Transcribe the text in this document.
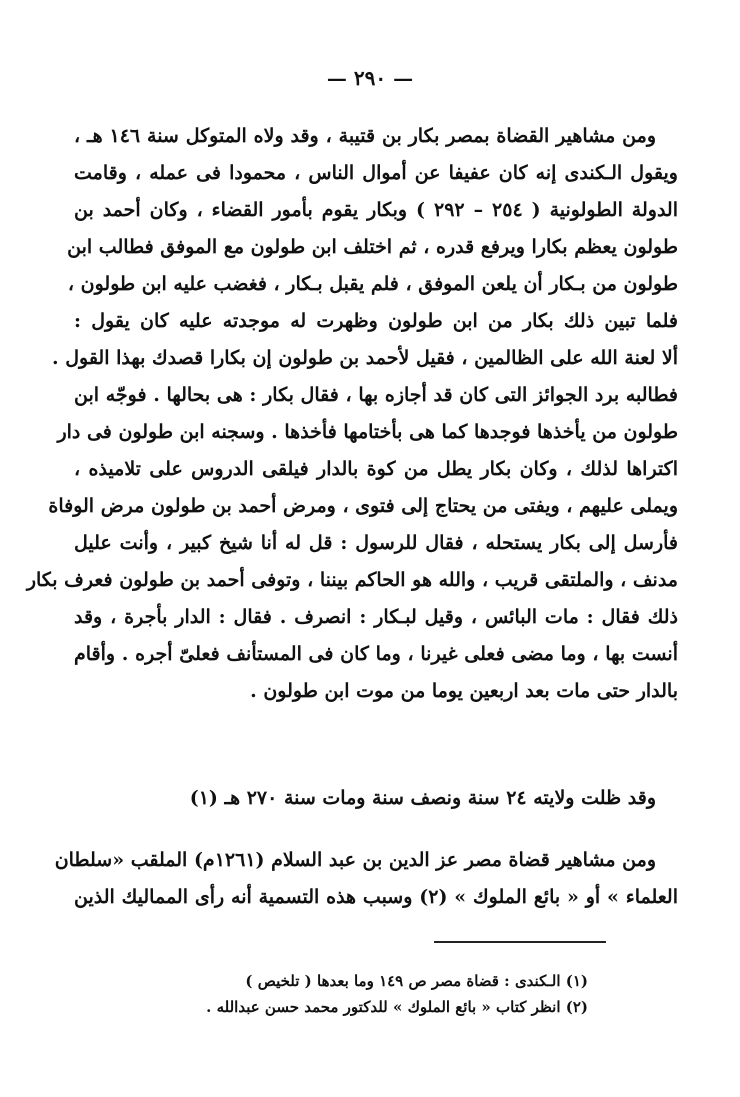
— ٢٩٠ —
ومن مشاهير القضاة بمصر بكار بن قتيبة ، وقد ولاه المتوكل سنة ١٤٦ هـ ،
ويقول الـكندى إنه كان عفيفا عن أموال الناس ، محمودا فى عمله ، وقامت
الدولة الطولونية ( ٢٥٤ – ٢٩٢ ) وبكار يقوم بأمور القضاء ، وكان أحمد بن
طولون يعظم بكارا ويرفع قدره ، ثم اختلف ابن طولون مع الموفق فطالب ابن
طولون من بـكار أن يلعن الموفق ، فلم يقبل بـكار ، فغضب عليه ابن طولون ،
فلما تبين ذلك بكار من ابن طولون وظهرت له موجدته عليه كان يقول :
ألا لعنة الله على الظالمين ، فقيل لأحمد بن طولون إن بكارا قصدك بهذا القول .
فطالبه برد الجوائز التى كان قد أجازه بها ، فقال بكار : هى بحالها . فوجّه ابن
طولون من يأخذها فوجدها كما هى بأختامها فأخذها . وسجنه ابن طولون فى دار
اكتراها لذلك ، وكان بكار يطل من كوة بالدار فيلقى الدروس على تلاميذه ،
ويملى عليهم ، ويفتى من يحتاج إلى فتوى ، ومرض أحمد بن طولون مرض الوفاة
فأرسل إلى بكار يستحله ، فقال للرسول : قل له أنا شيخ كبير ، وأنت عليل
مدنف ، والملتقى قريب ، والله هو الحاكم بيننا ، وتوفى أحمد بن طولون فعرف بكار
ذلك فقال : مات البائس ، وقيل لبـكار : انصرف . فقال : الدار بأجرة ، وقد
أنست بها ، وما مضى فعلى غيرنا ، وما كان فى المستأنف فعلىّ أجره . وأقام
بالدار حتى مات بعد اربعين يوما من موت ابن طولون .
وقد ظلت ولايته ٢٤ سنة ونصف سنة ومات سنة ٢٧٠ هـ (١)
ومن مشاهير قضاة مصر عز الدين بن عبد السلام (١٢٦١م) الملقب «سلطان
العلماء » أو « بائع الملوك » (٢) وسبب هذه التسمية أنه رأى المماليك الذين
(١) الـكندى : قضاة مصر ص ١٤٩ وما بعدها ( تلخيص )
(٢) انظر كتاب « بائع الملوك » للدكتور محمد حسن عبدالله .
